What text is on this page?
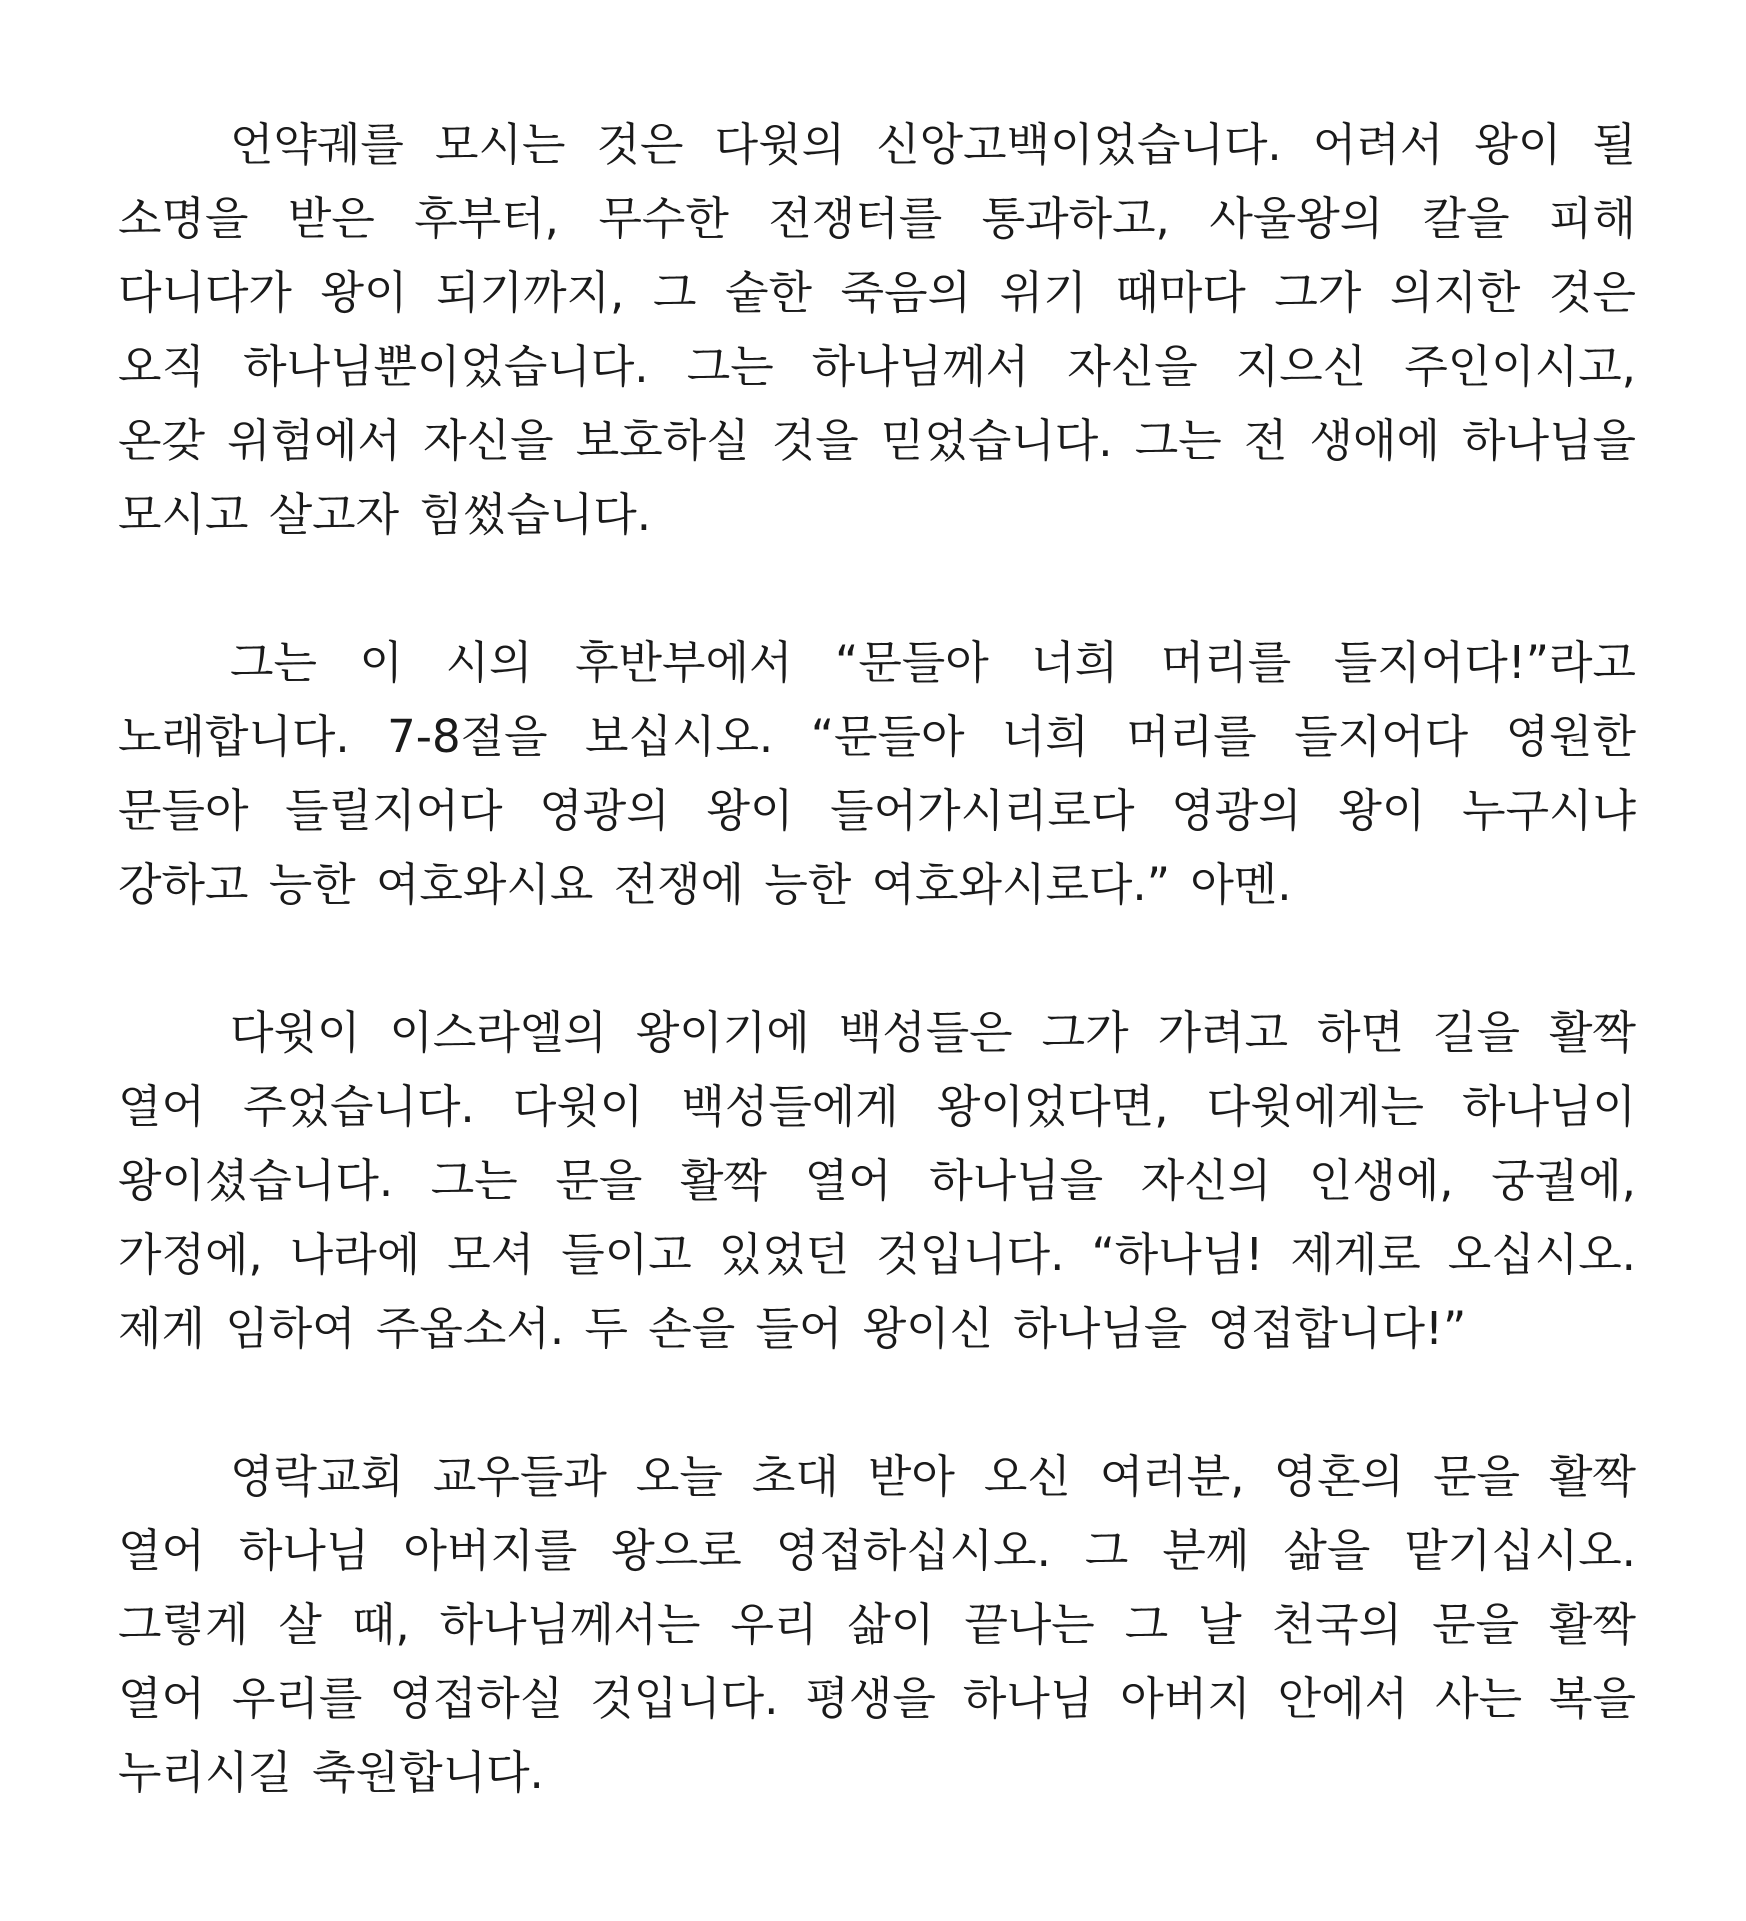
언약궤를 모시는 것은 다윗의 신앙고백이었습니다. 어려서 왕이 될 소명을 받은 후부터, 무수한 전쟁터를 통과하고, 사울왕의 칼을 피해 다니다가 왕이 되기까지, 그 숱한 죽음의 위기 때마다 그가 의지한 것은 오직 하나님뿐이었습니다. 그는 하나님께서 자신을 지으신 주인이시고, 온갖 위험에서 자신을 보호하실 것을 믿었습니다. 그는 전 생애에 하나님을 모시고 살고자 힘썼습니다.

그는 이 시의 후반부에서 “문들아 너희 머리를 들지어다!”라고 노래합니다. 7-8절을 보십시오. “문들아 너희 머리를 들지어다 영원한 문들아 들릴지어다 영광의 왕이 들어가시리로다 영광의 왕이 누구시냐 강하고 능한 여호와시요 전쟁에 능한 여호와시로다.” 아멘.

다윗이 이스라엘의 왕이기에 백성들은 그가 가려고 하면 길을 활짝 열어 주었습니다. 다윗이 백성들에게 왕이었다면, 다윗에게는 하나님이 왕이셨습니다. 그는 문을 활짝 열어 하나님을 자신의 인생에, 궁궐에, 가정에, 나라에 모셔 들이고 있었던 것입니다. “하나님! 제게로 오십시오. 제게 임하여 주옵소서. 두 손을 들어 왕이신 하나님을 영접합니다!”

영락교회 교우들과 오늘 초대 받아 오신 여러분, 영혼의 문을 활짝 열어 하나님 아버지를 왕으로 영접하십시오. 그 분께 삶을 맡기십시오. 그렇게 살 때, 하나님께서는 우리 삶이 끝나는 그 날 천국의 문을 활짝 열어 우리를 영접하실 것입니다. 평생을 하나님 아버지 안에서 사는 복을 누리시길 축원합니다.
